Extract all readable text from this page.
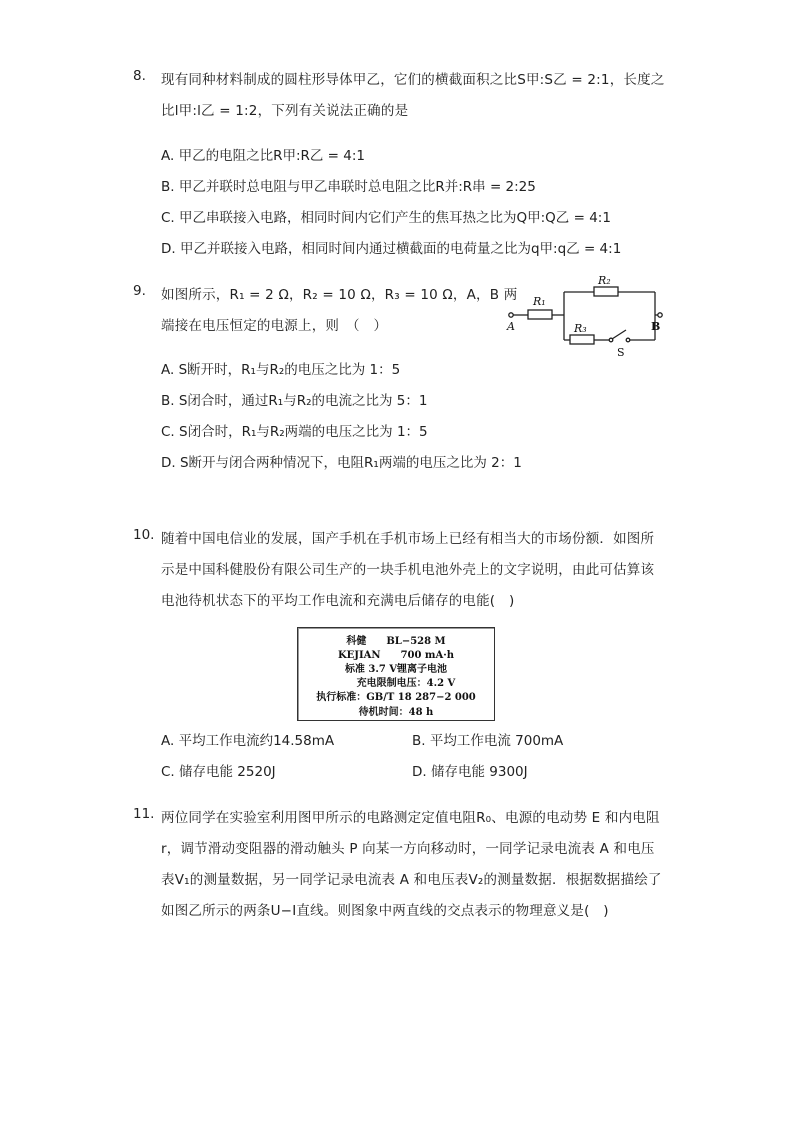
8. 现有同种材料制成的圆柱形导体甲乙，它们的横截面积之比S甲:S乙 = 2:1，长度之
比l甲:l乙 = 1:2，下列有关说法正确的是
A. 甲乙的电阻之比R甲:R乙 = 4:1
B. 甲乙并联时总电阻与甲乙串联时总电阻之比R并:R串 = 2:25
C. 甲乙串联接入电路，相同时间内它们产生的焦耳热之比为Q甲:Q乙 = 4:1
D. 甲乙并联接入电路，相同时间内通过横截面的电荷量之比为q甲:q乙 = 4:1
9. 如图所示，R₁ = 2 Ω，R₂ = 10 Ω，R₃ = 10 Ω，A，B 两
端接在电压恒定的电源上，则　（　）
R₁
R₂
R₃
A	B
S
A. S断开时，R₁与R₂的电压之比为 1：5
B. S闭合时，通过R₁与R₂的电流之比为 5：1
C. S闭合时，R₁与R₂两端的电压之比为 1：5
D. S断开与闭合两种情况下，电阻R₁两端的电压之比为 2：1
10. 随着中国电信业的发展，国产手机在手机市场上已经有相当大的市场份额．如图所
示是中国科健股份有限公司生产的一块手机电池外壳上的文字说明，由此可估算该
电池待机状态下的平均工作电流和充满电后储存的电能(　)
科健　　BL−528 M
KEJIAN　　700 mA·h
标准 3.7 V锂离子电池
充电限制电压：4.2 V
执行标准：GB/T 18 287−2 000
待机时间：48 h
A. 平均工作电流约14.58mA	B. 平均工作电流 700mA
C. 储存电能 2520J	D. 储存电能 9300J
11. 两位同学在实验室利用图甲所示的电路测定定值电阻R₀、电源的电动势 E 和内电阻
r，调节滑动变阻器的滑动触头 P 向某一方向移动时，一同学记录电流表 A 和电压
表V₁的测量数据，另一同学记录电流表 A 和电压表V₂的测量数据．根据数据描绘了
如图乙所示的两条U−I直线。则图象中两直线的交点表示的物理意义是(　)
